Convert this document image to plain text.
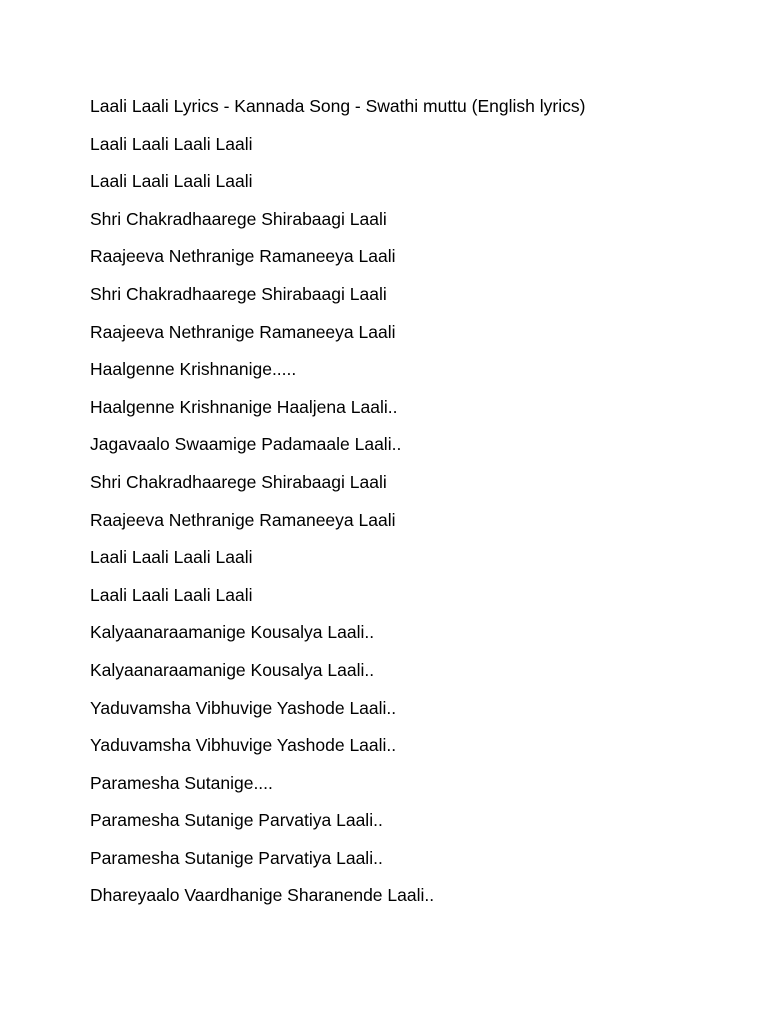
Laali Laali Lyrics - Kannada Song - Swathi muttu (English lyrics)
Laali Laali Laali Laali
Laali Laali Laali Laali
Shri Chakradhaarege Shirabaagi Laali
Raajeeva Nethranige Ramaneeya Laali
Shri Chakradhaarege Shirabaagi Laali
Raajeeva Nethranige Ramaneeya Laali
Haalgenne Krishnanige.....
Haalgenne Krishnanige Haaljena Laali..
Jagavaalo Swaamige Padamaale Laali..
Shri Chakradhaarege Shirabaagi Laali
Raajeeva Nethranige Ramaneeya Laali
Laali Laali Laali Laali
Laali Laali Laali Laali
Kalyaanaraamanige Kousalya Laali..
Kalyaanaraamanige Kousalya Laali..
Yaduvamsha Vibhuvige Yashode Laali..
Yaduvamsha Vibhuvige Yashode Laali..
Paramesha Sutanige....
Paramesha Sutanige Parvatiya Laali..
Paramesha Sutanige Parvatiya Laali..
Dhareyaalo Vaardhanige Sharanende Laali..
